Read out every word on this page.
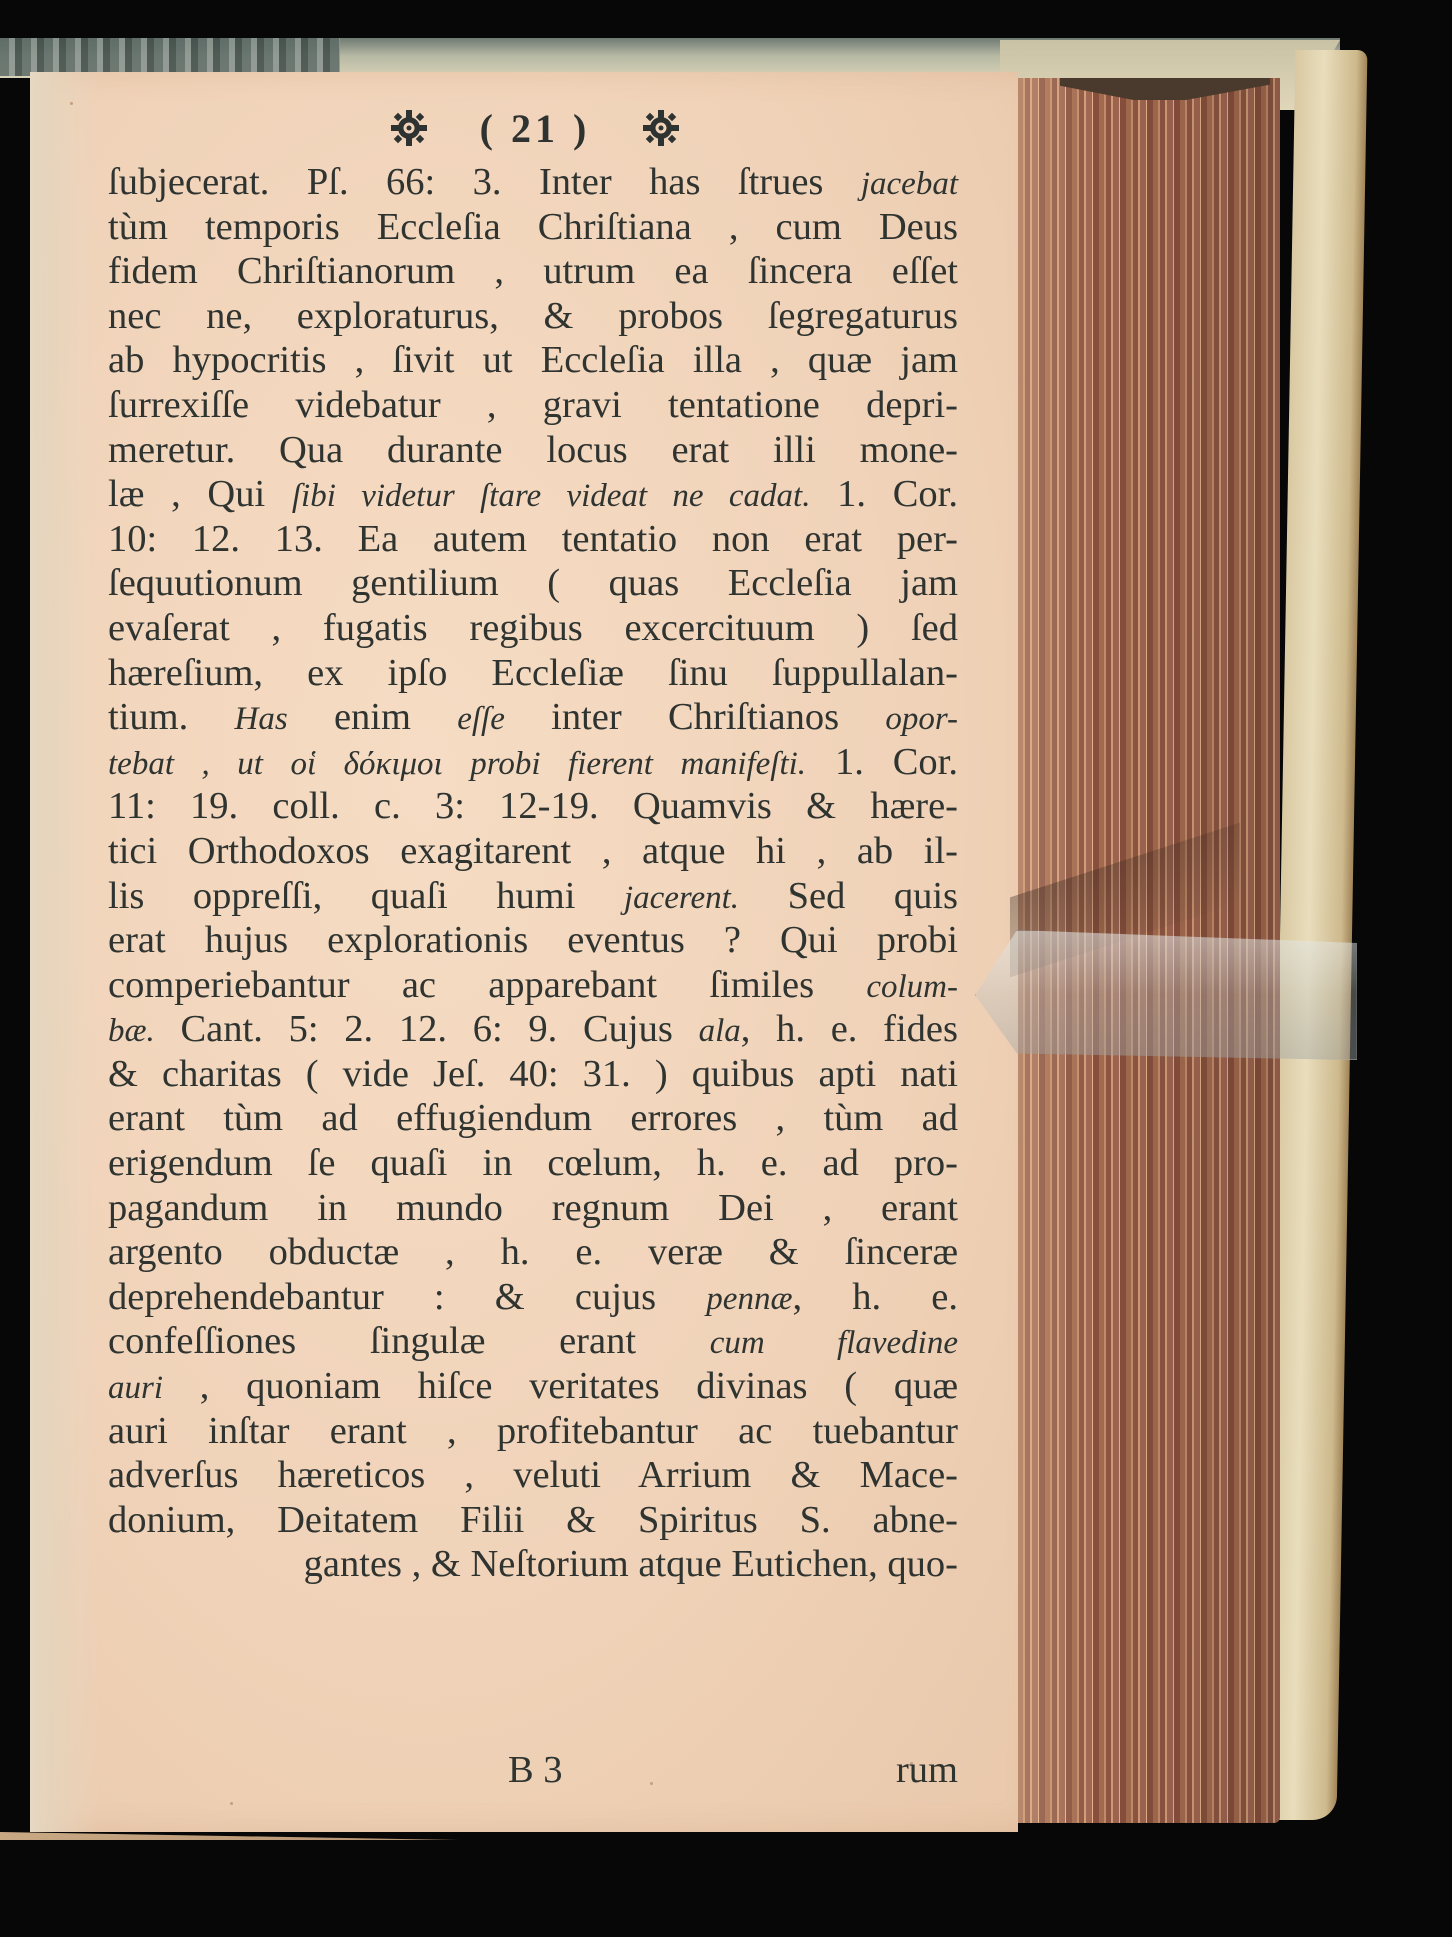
( 21 )
ſubjecerat. Pſ. 66: 3. Inter has ſtrues jacebat
tùm temporis Eccleſia Chriſtiana , cum Deus
fidem Chriſtianorum , utrum ea ſincera eſſet
nec ne, exploraturus, & probos ſegregaturus
ab hypocritis , ſivit ut Eccleſia illa , quæ jam
ſurrexiſſe videbatur , gravi tentatione depri-
meretur. Qua durante locus erat illi mone-
læ , Qui ſibi videtur ſtare videat ne cadat. 1. Cor.
10: 12. 13. Ea autem tentatio non erat per-
ſequutionum gentilium ( quas Eccleſia jam
evaſerat , fugatis regibus excercituum ) ſed
hæreſium, ex ipſo Eccleſiæ ſinu ſuppullalan-
tium. Has enim eſſe inter Chriſtianos opor-
tebat , ut οἱ δόκιμοι probi fierent manifeſti. 1. Cor.
11: 19. coll. c. 3: 12-19. Quamvis & hære-
tici Orthodoxos exagitarent , atque hi , ab il-
lis oppreſſi, quaſi humi jacerent. Sed quis
erat hujus explorationis eventus ? Qui probi
comperiebantur ac apparebant ſimiles colum-
bæ. Cant. 5: 2. 12. 6: 9. Cujus ala, h. e. fides
& charitas ( vide Jeſ. 40: 31. ) quibus apti nati
erant tùm ad effugiendum errores , tùm ad
erigendum ſe quaſi in cœlum, h. e. ad pro-
pagandum in mundo regnum Dei , erant
argento obductæ , h. e. veræ & ſinceræ
deprehendebantur : & cujus pennæ, h. e.
confeſſiones ſingulæ erant cum flavedine
auri , quoniam hiſce veritates divinas ( quæ
auri inſtar erant , profitebantur ac tuebantur
adverſus hæreticos , veluti Arrium & Mace-
donium, Deitatem Filii & Spiritus S. abne-
gantes , & Neſtorium atque Eutichen, quo-
B 3	rum
